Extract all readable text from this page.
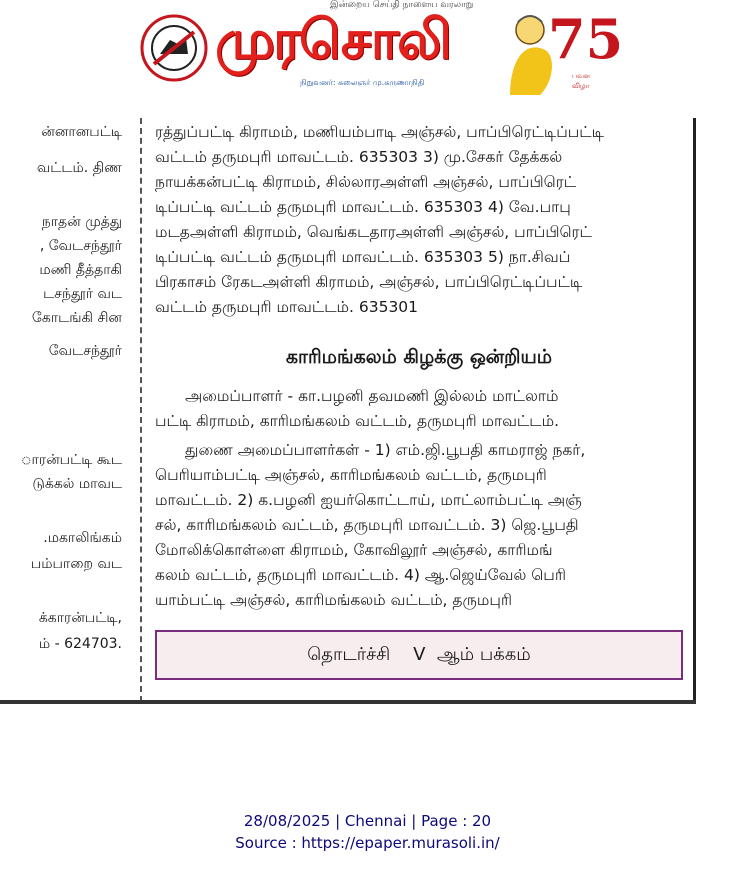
இன்றைய செய்தி நாளைய வரலாறு
முரசொலி
நிறுவனர்: கலைஞர் மு.கருணாநிதி
75
பவள
விழா
ன்னானபட்டி
வட்டம். திண
நாதன் முத்து
, வேடசந்தூர்
மணி தீத்தாகி
டசந்தூர் வட
கோடங்கி சின
வேடசந்தூர்
ாரன்பட்டி கூட
டுக்கல் மாவட
.மகாலிங்கம்
பம்பாறை வட
க்காரன்பட்டி,
ம் - 624703.
ரத்துப்பட்டி கிராமம், மணியம்பாடி அஞ்சல், பாப்பிரெட்டிப்பட்டி
வட்டம் தருமபுரி மாவட்டம். 635303 3) மு.சேகர் தேக்கல்
நாயக்கன்பட்டி கிராமம், சில்லாரஅள்ளி அஞ்சல், பாப்பிரெட்
டிப்பட்டி வட்டம் தருமபுரி மாவட்டம். 635303 4) வே.பாபு
மடதஅள்ளி கிராமம், வெங்கடதாரஅள்ளி அஞ்சல், பாப்பிரெட்
டிப்பட்டி வட்டம் தருமபுரி மாவட்டம். 635303 5) நா.சிவப்
பிரகாசம் ரேகடஅள்ளி கிராமம், அஞ்சல், பாப்பிரெட்டிப்பட்டி
வட்டம் தருமபுரி மாவட்டம். 635301
காரிமங்கலம் கிழக்கு ஒன்றியம்
அமைப்பாளர் - கா.பழனி தவமணி இல்லம் மாட்லாம்
பட்டி கிராமம், காரிமங்கலம் வட்டம், தருமபுரி மாவட்டம்.
துணை அமைப்பாளர்கள் - 1) எம்.ஜி.பூபதி காமராஜ் நகர்,
பெரியாம்பட்டி அஞ்சல், காரிமங்கலம் வட்டம், தருமபுரி
மாவட்டம். 2) க.பழனி ஐயர்கொட்டாய், மாட்லாம்பட்டி அஞ்
சல், காரிமங்கலம் வட்டம், தருமபுரி மாவட்டம். 3) ஜெ.பூபதி
மோலிக்கொள்ளை கிராமம், கோவிலூர் அஞ்சல், காரிமங்
கலம் வட்டம், தருமபுரி மாவட்டம். 4) ஆ.ஜெய்வேல் பெரி
யாம்பட்டி அஞ்சல், காரிமங்கலம் வட்டம், தருமபுரி
தொடர்ச்சி    V  ஆம் பக்கம்
28/08/2025 | Chennai | Page : 20
Source : https://epaper.murasoli.in/
